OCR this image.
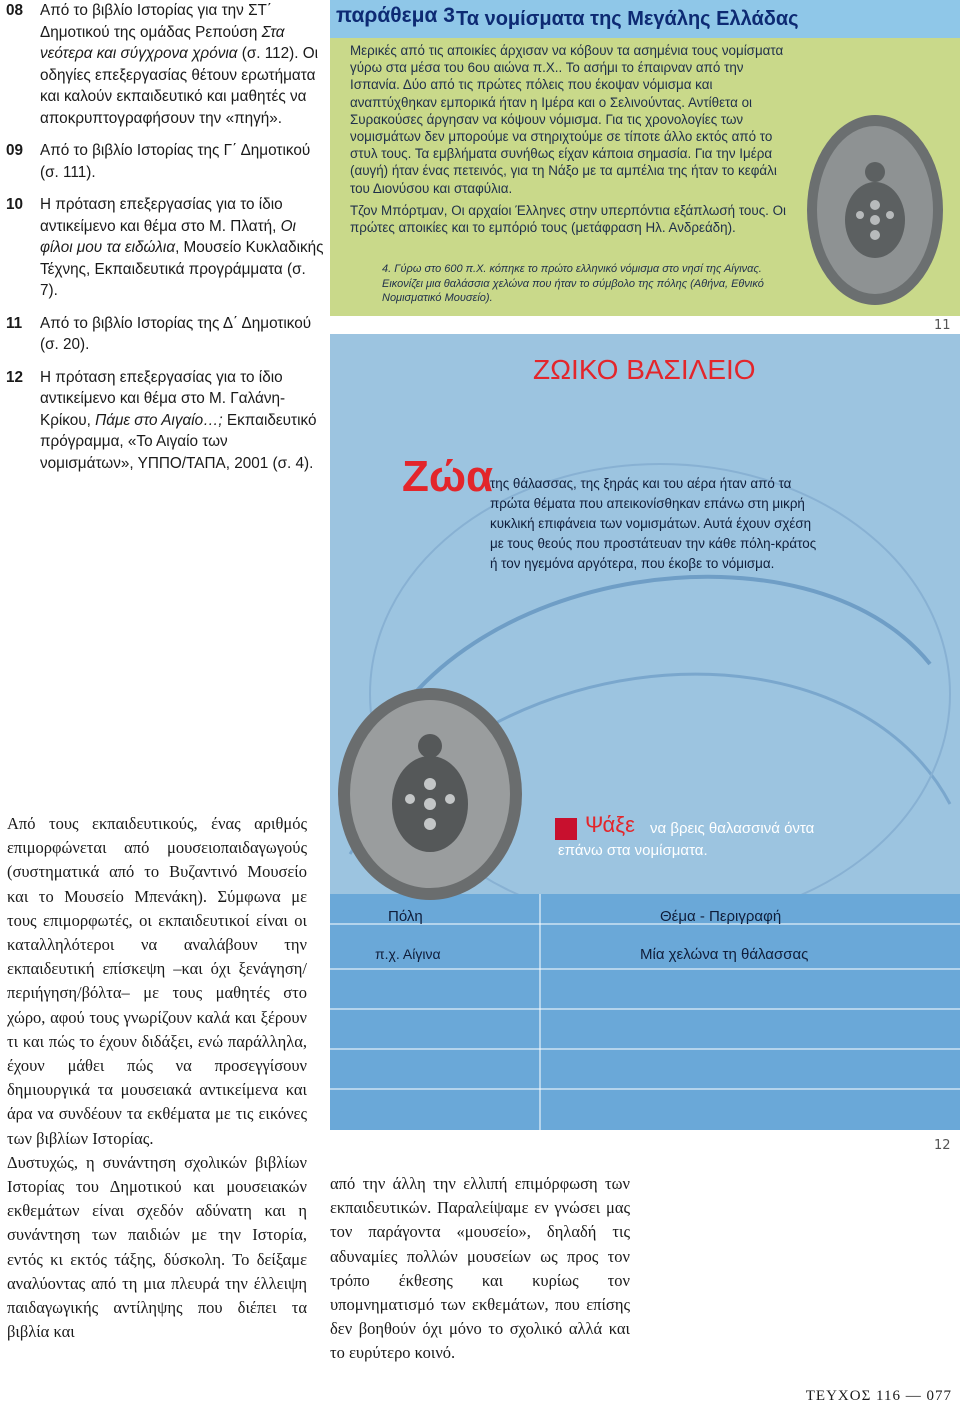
08 Από το βιβλίο Ιστορίας για την ΣΤ΄ Δημοτικού της ομάδας Ρεπούση Στα νεότερα και σύγχρονα χρόνια (σ. 112). Οι οδηγίες επεξεργασίας θέτουν ερωτήματα και καλούν εκπαιδευτικό και μαθητές να αποκρυπτογραφήσουν την «πηγή».
09 Από το βιβλίο Ιστορίας της Γ΄ Δημοτικού (σ. 111).
10 Η πρόταση επεξεργασίας για το ίδιο αντικείμενο και θέμα στο Μ. Πλατή, Οι φίλοι μου τα ειδώλια, Μουσείο Κυκλαδικής Τέχνης, Εκπαιδευτικά προγράμματα (σ. 7).
11 Από το βιβλίο Ιστορίας της Δ΄ Δημοτικού (σ. 20).
12 Η πρόταση επεξεργασίας για το ίδιο αντικείμενο και θέμα στο Μ. Γαλάνη-Κρίκου, Πάμε στο Αιγαίο…; Εκπαιδευτικό πρόγραμμα, «Το Αιγαίο των νομισμάτων», ΥΠΠΟ/ΤΑΠΑ, 2001 (σ. 4).
παράθεμα 3 Τα νομίσματα της Μεγάλης Ελλάδας
Μερικές από τις αποικίες άρχισαν να κόβουν τα ασημένια τους νομίσματα γύρω στα μέσα του 6ου αιώνα π.Χ.. Το ασήμι το έπαιρναν από την Ισπανία. Δύο από τις πρώτες πόλεις που έκοψαν νόμισμα και αναπτύχθηκαν εμπορικά ήταν η Ιμέρα και ο Σελινούντας. Αντίθετα οι Συρακούσες άργησαν να κόψουν νόμισμα. Για τις χρονολογίες των νομισμάτων δεν μπορούμε να στηριχτούμε σε τίποτε άλλο εκτός από το στυλ τους. Τα εμβλήματα συνήθως είχαν κάποια σημασία. Για την Ιμέρα (αυγή) ήταν ένας πετεινός, για τη Νάξο με τα αμπέλια της ήταν το κεφάλι του Διονύσου και σταφύλια.
Τζον Μπόρτμαν, Οι αρχαίοι Έλληνες στην υπερπόντια εξάπλωσή τους. Οι πρώτες αποικίες και το εμπόριό τους (μετάφραση Ηλ. Ανδρεάδη).
4. Γύρω στο 600 π.Χ. κόπηκε το πρώτο ελληνικό νόμισμα στο νησί της Αίγινας. Εικονίζει μια θαλάσσια χελώνα που ήταν το σύμβολο της πόλης (Αθήνα, Εθνικό Νομισματικό Μουσείο).
11
ΖΩΙΚΟ ΒΑΣΙΛΕΙΟ
Ζώα
της θάλασσας, της ξηράς και του αέρα ήταν από τα πρώτα θέματα που απεικονίσθηκαν επάνω στη μικρή κυκλική επιφάνεια των νομισμάτων. Αυτά έχουν σχέση με τους θεούς που προστάτευαν την κάθε πόλη-κράτος ή τον ηγεμόνα αργότερα, που έκοβε το νόμισμα.
Ψάξε να βρεις θαλασσινά όντα
επάνω στα νομίσματα.
Πόλη	Θέμα - Περιγραφή
π.χ. Αίγινα	Μία χελώνα τη θάλασσας
12

Από τους εκπαιδευτικούς, ένας αριθμός επιμορφώνεται από μουσειοπαιδαγωγούς (συστηματικά από το Βυζαντινό Μουσείο και το Μουσείο Μπενάκη). Σύμφωνα με τους επιμορφωτές, οι εκπαιδευτικοί είναι οι καταλληλότεροι να αναλάβουν την εκπαιδευτική επίσκεψη –και όχι ξενάγηση/περιήγηση/βόλτα– με τους μαθητές στο χώρο, αφού τους γνωρίζουν καλά και ξέρουν τι και πώς το έχουν διδάξει, ενώ παράλληλα, έχουν μάθει πώς να προσεγγίσουν δημιουργικά τα μουσειακά αντικείμενα και άρα να συνδέουν τα εκθέματα με τις εικόνες των βιβλίων Ιστορίας.

Δυστυχώς, η συνάντηση σχολικών βιβλίων Ιστορίας του Δημοτικού και μουσειακών εκθεμάτων είναι σχεδόν αδύνατη και η συνάντηση των παιδιών με την Ιστορία, εντός κι εκτός τάξης, δύσκολη. Το δείξαμε αναλύοντας από τη μια πλευρά την έλλειψη παιδαγωγικής αντίληψης που διέπει τα βιβλία και

από την άλλη την ελλιπή επιμόρφωση των εκπαιδευτικών. Παραλείψαμε εν γνώσει μας τον παράγοντα «μουσείο», δηλαδή τις αδυναμίες πολλών μουσείων ως προς τον τρόπο έκθεσης και κυρίως τον υπομνηματισμό των εκθεμάτων, που επίσης δεν βοηθούν όχι μόνο το σχολικό αλλά και το ευρύτερο κοινό.

ΤΕΥΧΟΣ 116 — 077
